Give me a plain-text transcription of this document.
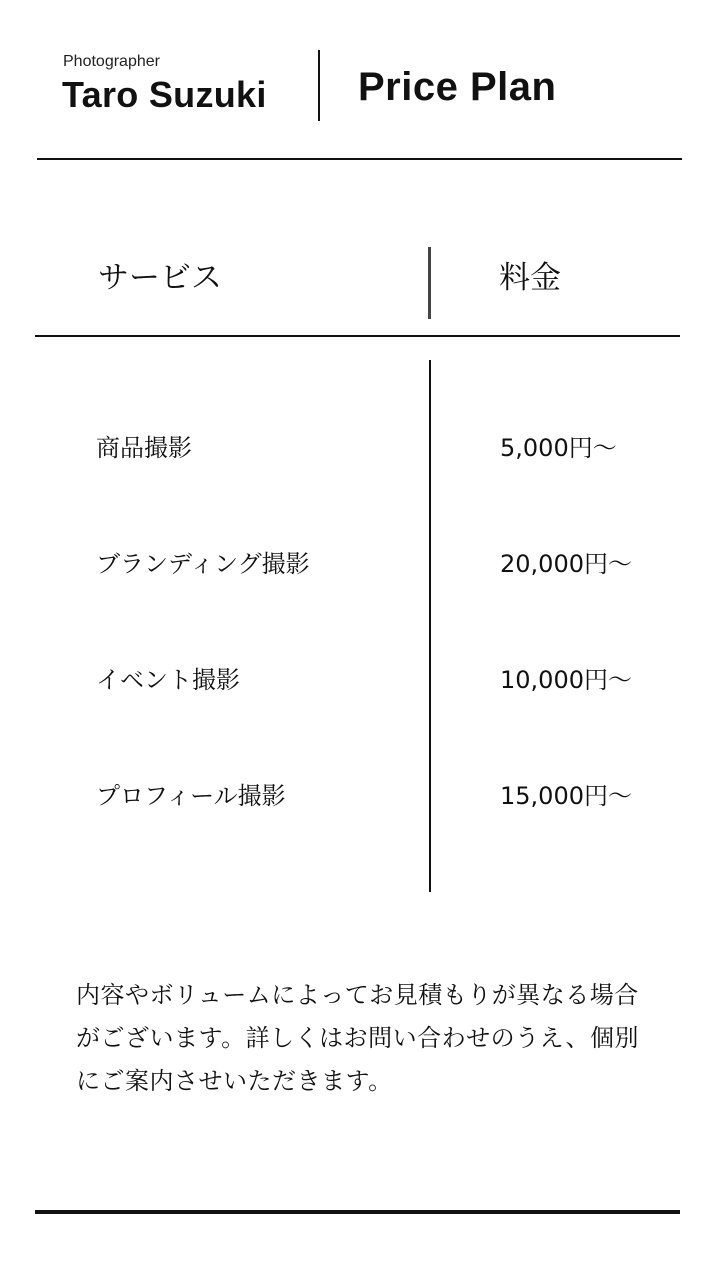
Photographer
Taro Suzuki Price Plan
サービス	料金
商品撮影	5,000円～
ブランディング撮影	20,000円～
イベント撮影	10,000円～
プロフィール撮影	15,000円～

内容やボリュームによってお見積もりが異なる場合がございます。詳しくはお問い合わせのうえ、個別にご案内させいただきます。
